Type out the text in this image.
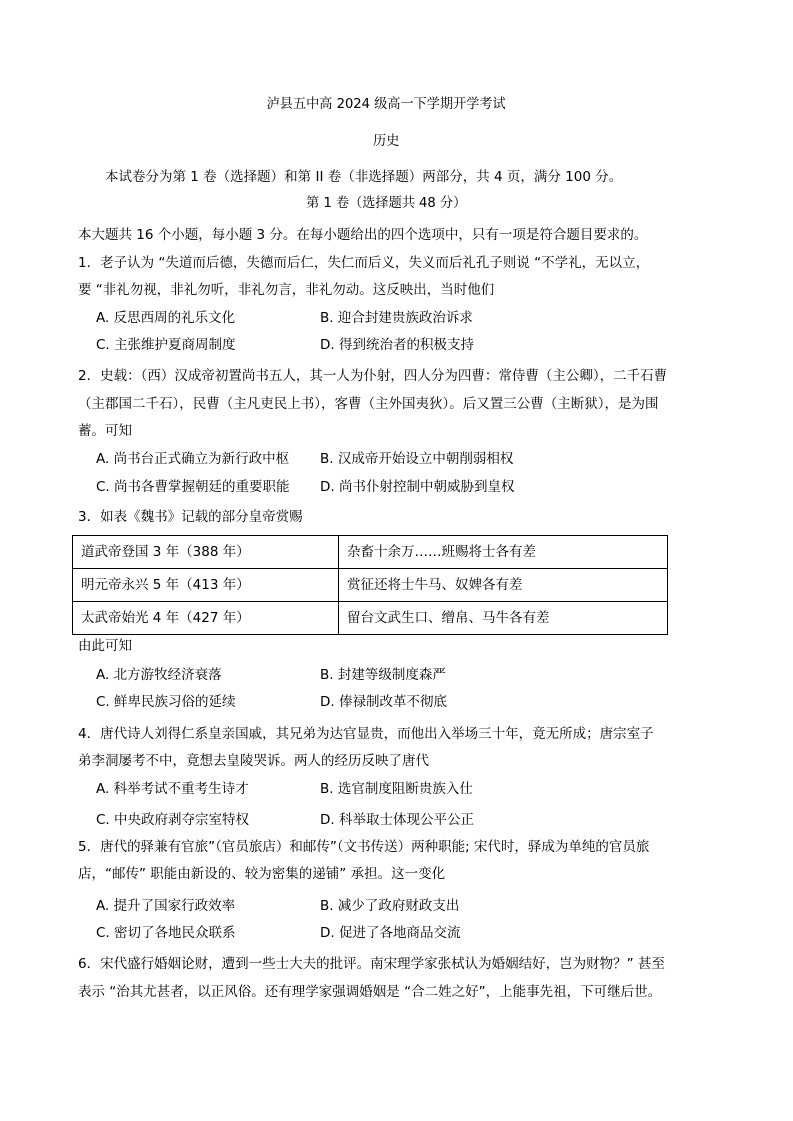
泸县五中高 2024 级高一下学期开学考试
历史
本试卷分为第 1 卷（选择题）和第 II 卷（非选择题）两部分，共 4 页，满分 100 分。
第 1 卷（选择题共 48 分）
本大题共 16 个小题，每小题 3 分。在每小题给出的四个选项中，只有一项是符合题目要求的。
1．老子认为 “失道而后德，失德而后仁，失仁而后义，失义而后礼孔子则说 “不学礼，无以立，
要 “非礼勿视，非礼勿听，非礼勿言，非礼勿动。这反映出，当时他们
A. 反思西周的礼乐文化	B. 迎合封建贵族政治诉求
C. 主张维护夏商周制度	D. 得到统治者的积极支持
2．史载：（西）汉成帝初置尚书五人，其一人为仆射，四人分为四曹：常侍曹（主公卿），二千石曹
（主郡国二千石），民曹（主凡吏民上书），客曹（主外国夷狄）。后又置三公曹（主断狱），是为围
蓄。可知
A. 尚书台正式确立为新行政中枢 B. 汉成帝开始设立中朝削弱相权
C. 尚书各曹掌握朝廷的重要职能 D. 尚书仆射控制中朝威胁到皇权
3．如表《魏书》记载的部分皇帝赏赐
道武帝登国 3 年（388 年）	杂畜十余万……班赐将士各有差
明元帝永兴 5 年（413 年）	赏征还将士牛马、奴婢各有差
太武帝始光 4 年（427 年）	留台文武生口、缯帛、马牛各有差
由此可知
A. 北方游牧经济衰落	B. 封建等级制度森严
C. 鲜卑民族习俗的延续	D. 俸禄制改革不彻底
4．唐代诗人刘得仁系皇亲国戚，其兄弟为达官显贵，而他出入举场三十年，竟无所成；唐宗室子
弟李洞屡考不中，竟想去皇陵哭诉。两人的经历反映了唐代
A. 科举考试不重考生诗才	B. 选官制度阻断贵族入仕
C. 中央政府剥夺宗室特权	D. 科举取士体现公平公正
5．唐代的驿兼有官旅”（官员旅店）和邮传”（文书传送）两种职能; 宋代时，驿成为单纯的官员旅
店，“邮传” 职能由新设的、较为密集的递铺” 承担。这一变化
A. 提升了国家行政效率	B. 减少了政府财政支出
C. 密切了各地民众联系	D. 促进了各地商品交流
6．宋代盛行婚姻论财，遭到一些士大夫的批评。南宋理学家张栻认为婚姻结好，岂为财物？” 甚至
表示 “治其尤甚者，以正风俗。还有理学家强调婚姻是 “合二姓之好”，上能事先祖，下可继后世。
